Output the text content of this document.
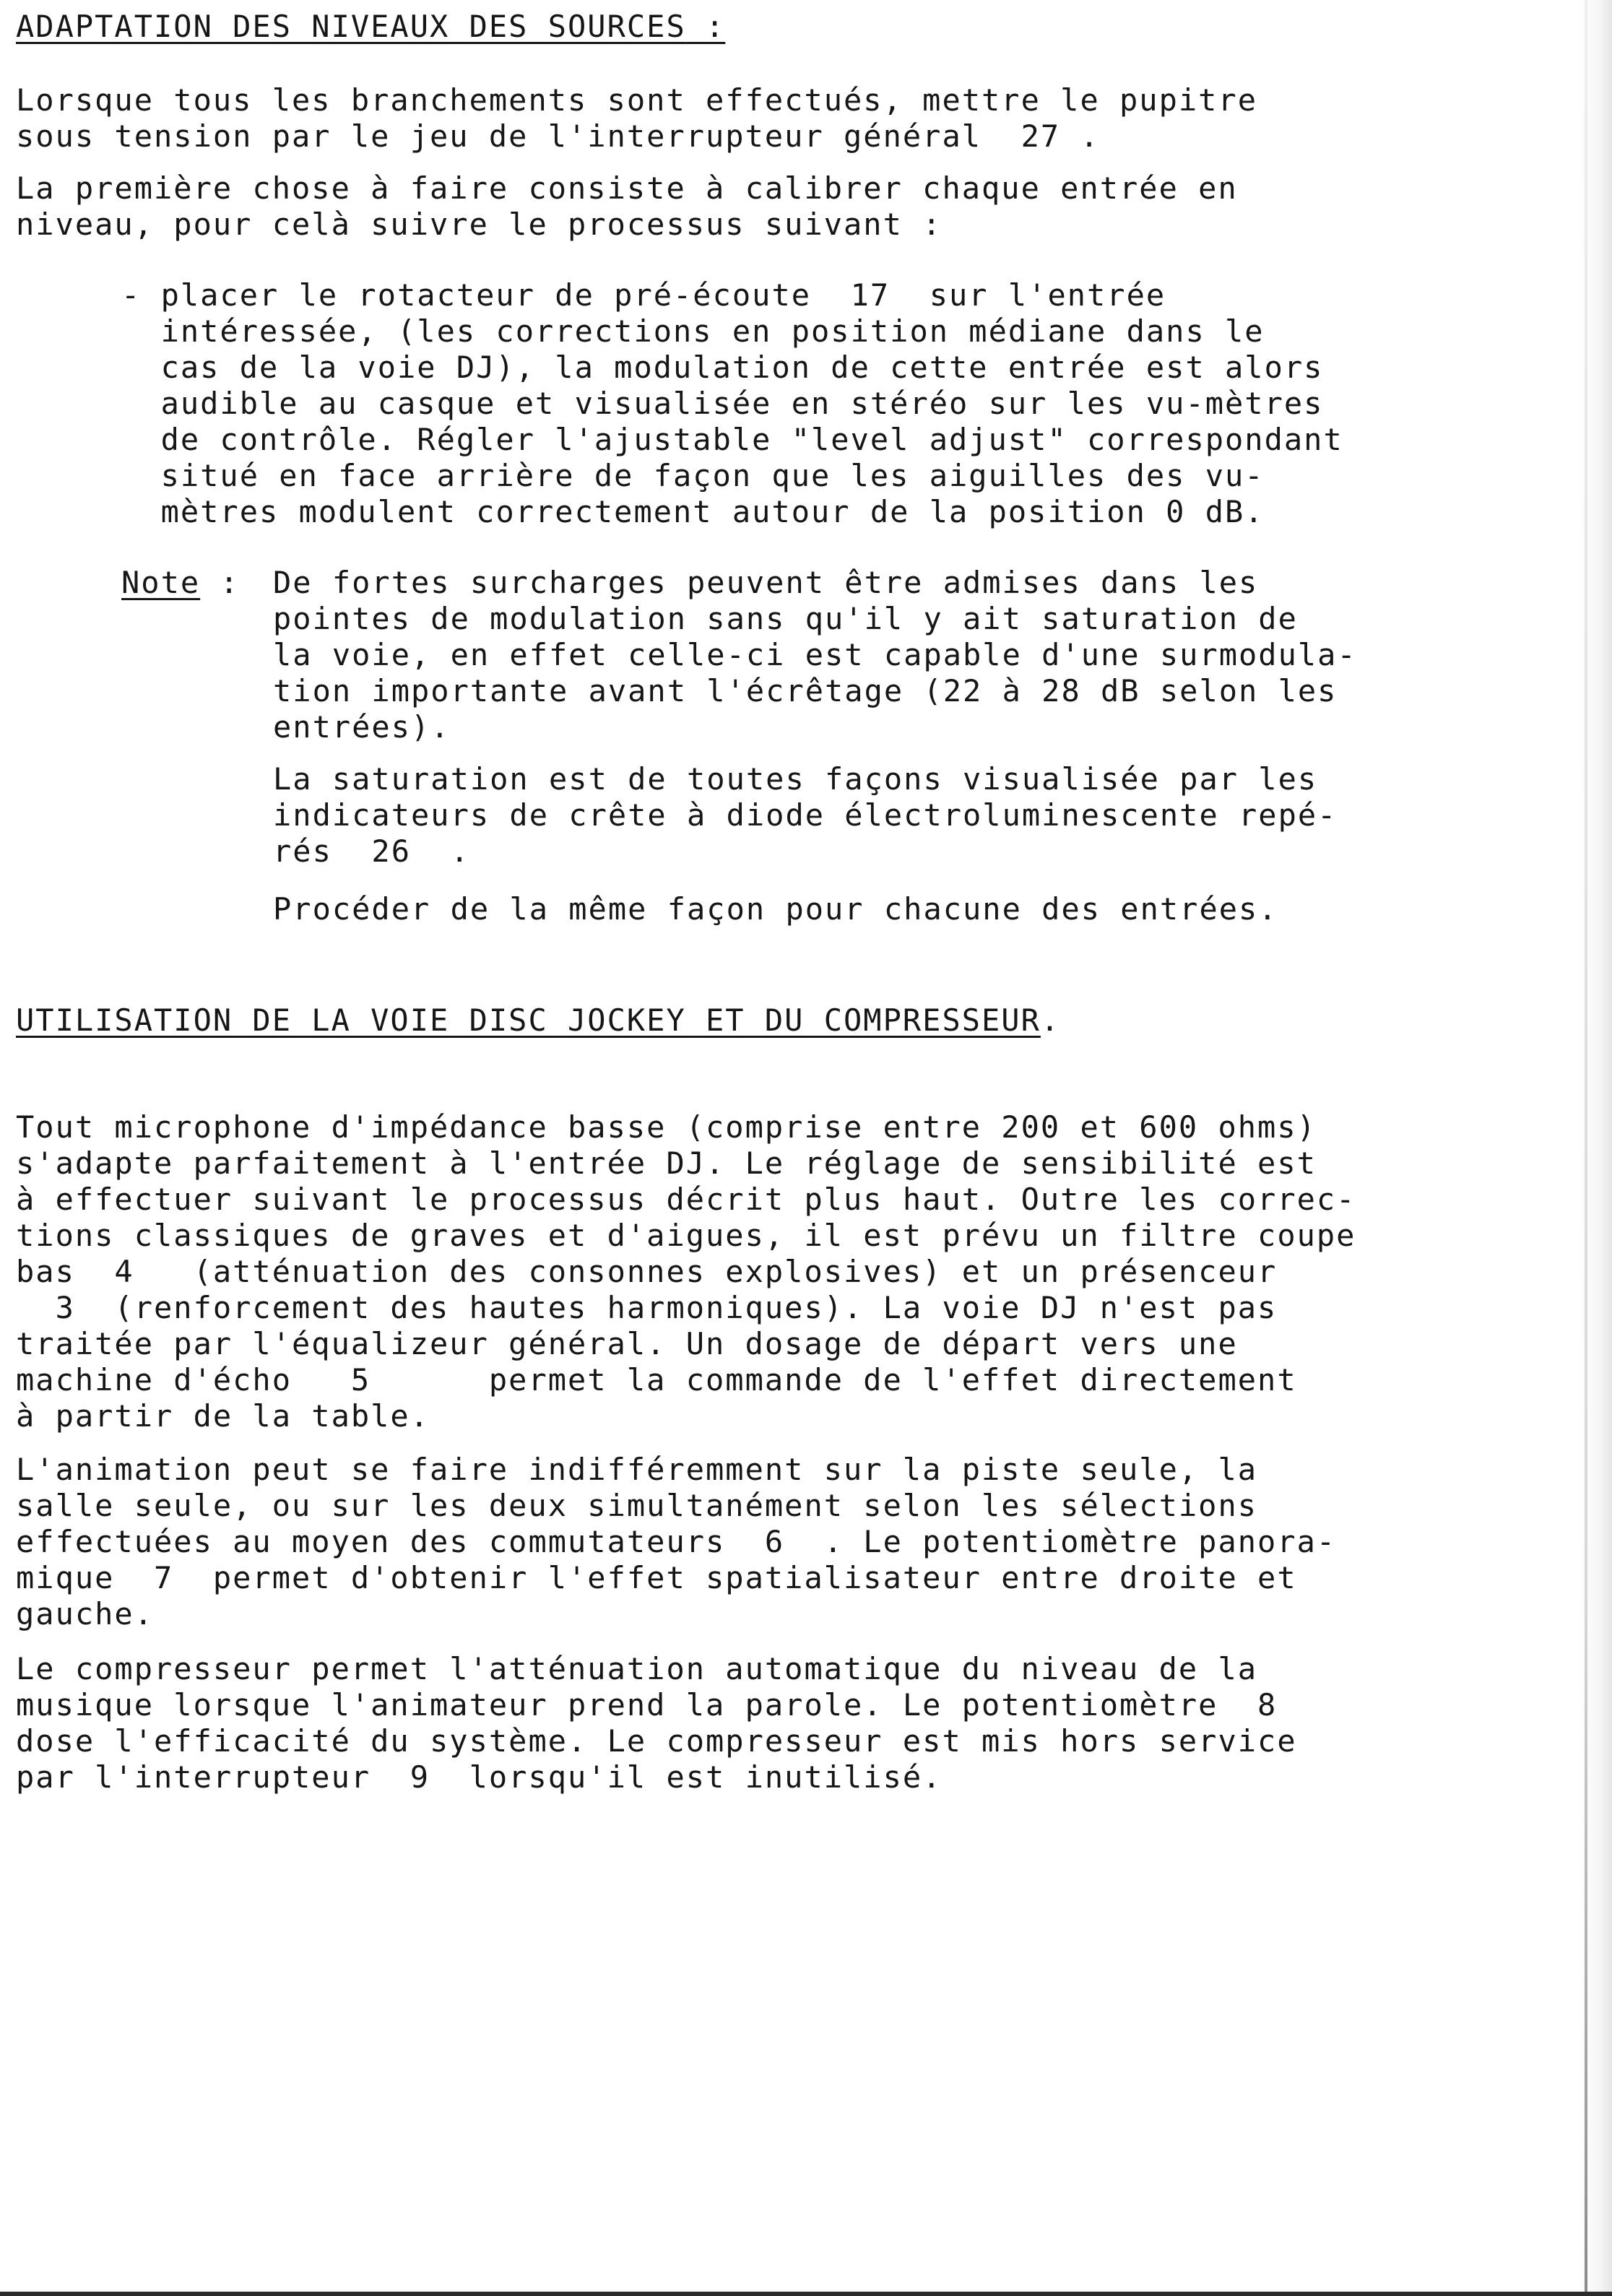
ADAPTATION DES NIVEAUX DES SOURCES :

Lorsque tous les branchements sont effectués, mettre le pupitre
sous tension par le jeu de l'interrupteur général  27 .

La première chose à faire consiste à calibrer chaque entrée en
niveau, pour celà suivre le processus suivant :

- placer le rotacteur de pré-écoute  17  sur l'entrée
intéressée, (les corrections en position médiane dans le
cas de la voie DJ), la modulation de cette entrée est alors
audible au casque et visualisée en stéréo sur les vu-mètres
de contrôle. Régler l'ajustable "level adjust" correspondant
situé en face arrière de façon que les aiguilles des vu-
mètres modulent correctement autour de la position 0 dB.

Note : De fortes surcharges peuvent être admises dans les
pointes de modulation sans qu'il y ait saturation de
la voie, en effet celle-ci est capable d'une surmodula-
tion importante avant l'écrêtage (22 à 28 dB selon les
entrées).

La saturation est de toutes façons visualisée par les
indicateurs de crête à diode électroluminescente repé-
rés  26  .

Procéder de la même façon pour chacune des entrées.

UTILISATION DE LA VOIE DISC JOCKEY ET DU COMPRESSEUR.

Tout microphone d'impédance basse (comprise entre 200 et 600 ohms)
s'adapte parfaitement à l'entrée DJ. Le réglage de sensibilité est
à effectuer suivant le processus décrit plus haut. Outre les correc-
tions classiques de graves et d'aigues, il est prévu un filtre coupe
bas  4   (atténuation des consonnes explosives) et un présenceur
3  (renforcement des hautes harmoniques). La voie DJ n'est pas
traitée par l'équalizeur général. Un dosage de départ vers une
machine d'écho   5      permet la commande de l'effet directement
à partir de la table.

L'animation peut se faire indifféremment sur la piste seule, la
salle seule, ou sur les deux simultanément selon les sélections
effectuées au moyen des commutateurs  6  . Le potentiomètre panora-
mique  7  permet d'obtenir l'effet spatialisateur entre droite et
gauche.

Le compresseur permet l'atténuation automatique du niveau de la
musique lorsque l'animateur prend la parole. Le potentiomètre  8
dose l'efficacité du système. Le compresseur est mis hors service
par l'interrupteur  9  lorsqu'il est inutilisé.
